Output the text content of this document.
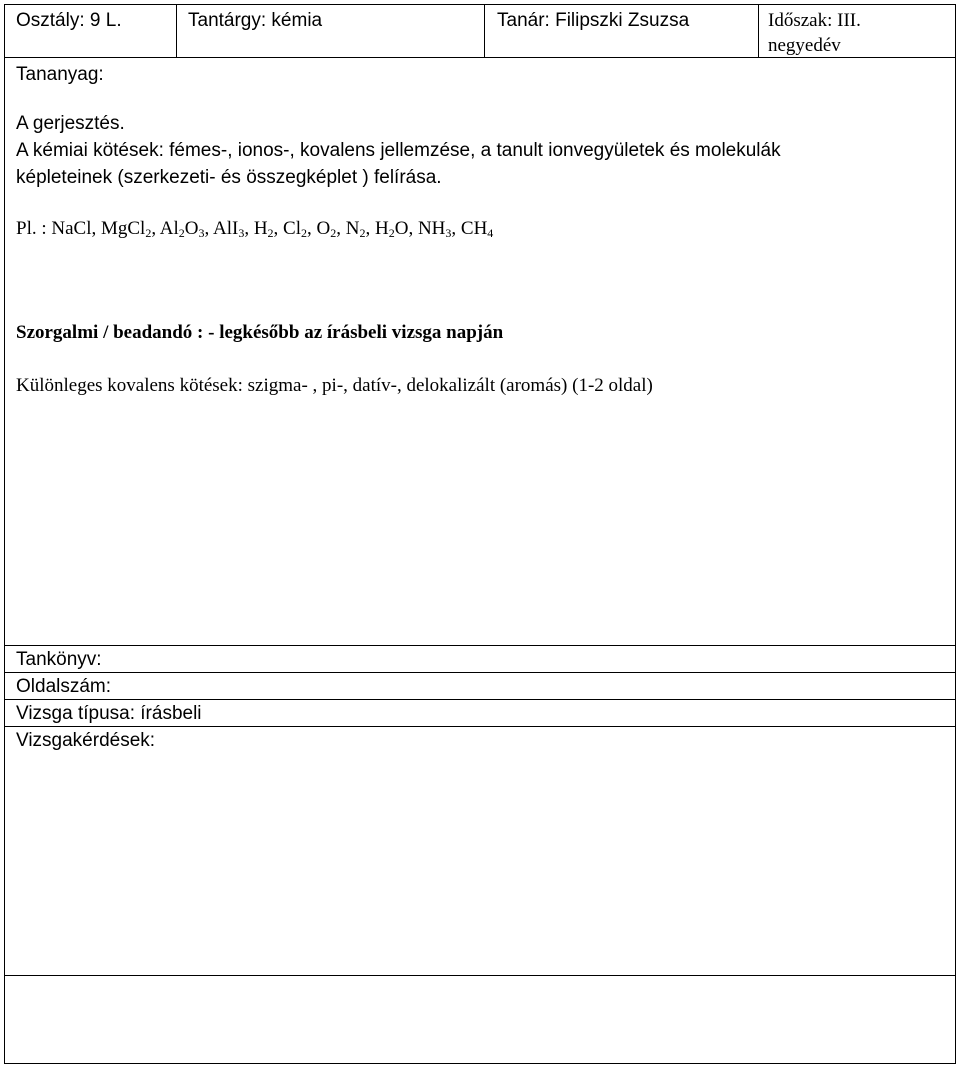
Osztály: 9 L.	Tantárgy: kémia	Tanár: Filipszki Zsuzsa	Időszak: III.
negyedév
Tananyag:
A gerjesztés.
A kémiai kötések: fémes-, ionos-, kovalens jellemzése, a tanult ionvegyületek és molekulák
képleteinek (szerkezeti- és összegképlet ) felírása.
Pl. : NaCl, MgCl$_2$, $Al_2O_3$, AlI$_3$, $H_2$, $Cl_2$, $O_2$, $N_2$, $H_2O$, $NH_3$, $CH_4$
Szorgalmi / beadandó : - legkésőbb az írásbeli vizsga napján
Különleges kovalens kötések: szigma- , pi-, datív-, delokalizált (aromás) (1-2 oldal)
Tankönyv:
Oldalszám:
Vizsga típusa: írásbeli
Vizsgakérdések:
